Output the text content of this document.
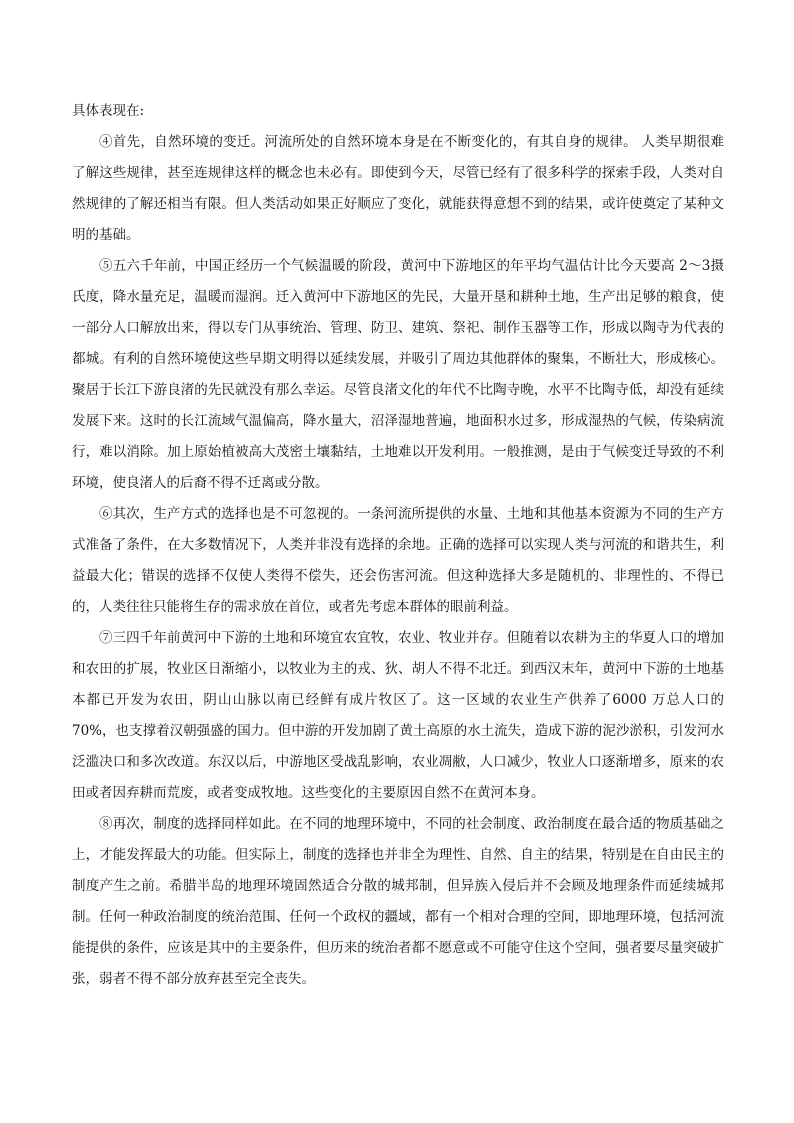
具体表现在:

④首先，自然环境的变迁。河流所处的自然环境本身是在不断变化的，有其自身的规律。 人类早期很难了解这些规律，甚至连规律这样的概念也未必有。即使到今天，尽管已经有了很多科学的探索手段，人类对自然规律的了解还相当有限。但人类活动如果正好顺应了变化，就能获得意想不到的结果，或许使奠定了某种文明的基础。

⑤五六千年前，中国正经历一个气候温暖的阶段，黄河中下游地区的年平均气温估计比今天要高 2～3摄氏度，降水量充足，温暖而湿润。迁入黄河中下游地区的先民，大量开垦和耕种土地，生产出足够的粮食，使一部分人口解放出来，得以专门从事统治、管理、防卫、建筑、祭祀、制作玉器等工作，形成以陶寺为代表的都城。有利的自然环境使这些早期文明得以延续发展，并吸引了周边其他群体的聚集，不断壮大，形成核心。聚居于长江下游良渚的先民就没有那么幸运。尽管良渚文化的年代不比陶寺晚，水平不比陶寺低，却没有延续发展下来。这时的长江流域气温偏高，降水量大，沼泽湿地普遍，地面积水过多，形成湿热的气候，传染病流行，难以消除。加上原始植被高大茂密土壤黏结，土地难以开发利用。一般推测，是由于气候变迁导致的不利环境，使良渚人的后裔不得不迁离或分散。

⑥其次，生产方式的选择也是不可忽视的。一条河流所提供的水量、土地和其他基本资源为不同的生产方式准备了条件，在大多数情况下，人类并非没有选择的余地。正确的选择可以实现人类与河流的和谐共生，利益最大化；错误的选择不仅使人类得不偿失，还会伤害河流。但这种选择大多是随机的、非理性的、不得已的，人类往往只能将生存的需求放在首位，或者先考虑本群体的眼前利益。

⑦三四千年前黄河中下游的土地和环境宜农宜牧，农业、牧业并存。但随着以农耕为主的华夏人口的增加和农田的扩展，牧业区日渐缩小，以牧业为主的戎、狄、胡人不得不北迁。到西汉末年，黄河中下游的土地基本都已开发为农田，阴山山脉以南已经鲜有成片牧区了。这一区域的农业生产供养了6000 万总人口的 70%，也支撑着汉朝强盛的国力。但中游的开发加剧了黄土高原的水土流失，造成下游的泥沙淤积，引发河水泛滥决口和多次改道。东汉以后，中游地区受战乱影响，农业凋敝，人口减少，牧业人口逐渐增多，原来的农田或者因弃耕而荒废，或者变成牧地。这些变化的主要原因自然不在黄河本身。

⑧再次，制度的选择同样如此。在不同的地理环境中，不同的社会制度、政治制度在最合适的物质基础之上，才能发挥最大的功能。但实际上，制度的选择也并非全为理性、自然、自主的结果，特别是在自由民主的制度产生之前。希腊半岛的地理环境固然适合分散的城邦制，但异族入侵后并不会顾及地理条件而延续城邦制。任何一种政治制度的统治范围、任何一个政权的疆域，都有一个相对合理的空间，即地理环境，包括河流能提供的条件，应该是其中的主要条件，但历来的统治者都不愿意或不可能守住这个空间，强者要尽量突破扩张，弱者不得不部分放弃甚至完全丧失。
